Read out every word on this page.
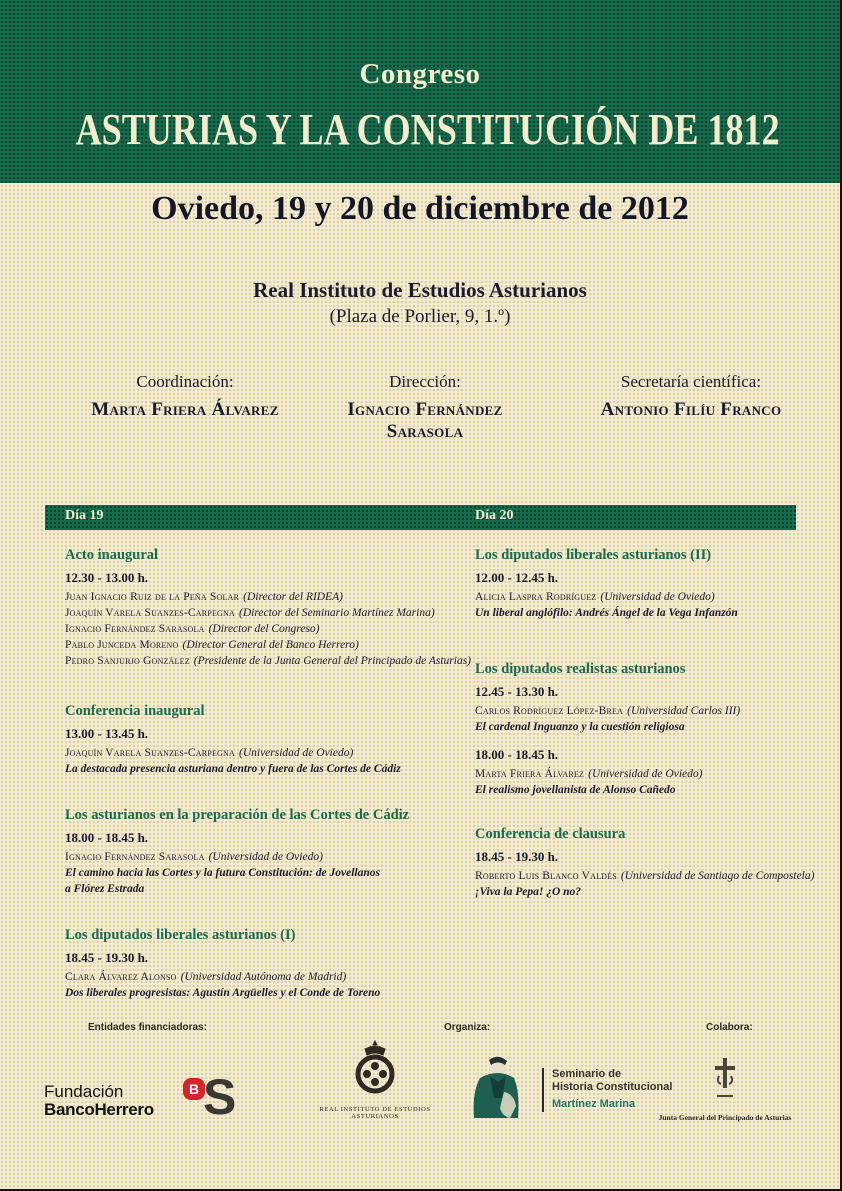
Congreso
ASTURIAS Y LA CONSTITUCIÓN DE 1812
Oviedo, 19 y 20 de diciembre de 2012
Real Instituto de Estudios Asturianos
(Plaza de Porlier, 9, 1.º)
Coordinación:
Marta Friera Álvarez
Dirección:
Ignacio Fernández Sarasola
Secretaría científica:
Antonio Filíu Franco
Día 19	Día 20
Acto inaugural
12.30 - 13.00 h.
Juan Ignacio Ruiz de la Peña Solar (Director del RIDEA)
Joaquín Varela Suanzes-Carpegna (Director del Seminario Martínez Marina)
Ignacio Fernández Sarasola (Director del Congreso)
Pablo Junceda Moreno (Director General del Banco Herrero)
Pedro Sanjurjo González (Presidente de la Junta General del Principado de Asturias)
Conferencia inaugural
13.00 - 13.45 h.
Joaquín Varela Suanzes-Carpegna (Universidad de Oviedo)
La destacada presencia asturiana dentro y fuera de las Cortes de Cádiz
Los asturianos en la preparación de las Cortes de Cádiz
18.00 - 18.45 h.
Ignacio Fernández Sarasola (Universidad de Oviedo)
El camino hacia las Cortes y la futura Constitución: de Jovellanos
a Flórez Estrada
Los diputados liberales asturianos (I)
18.45 - 19.30 h.
Clara Álvarez Alonso (Universidad Autónoma de Madrid)
Dos liberales progresistas: Agustín Argüelles y el Conde de Toreno
Los diputados liberales asturianos (II)
12.00 - 12.45 h.
Alicia Laspra Rodríguez (Universidad de Oviedo)
Un liberal anglófilo: Andrés Ángel de la Vega Infanzón
Los diputados realistas asturianos
12.45 - 13.30 h.
Carlos Rodríguez López-Brea (Universidad Carlos III)
El cardenal Inguanzo y la cuestión religiosa
18.00 - 18.45 h.
Marta Friera Álvarez (Universidad de Oviedo)
El realismo jovellanista de Alonso Cañedo
Conferencia de clausura
18.45 - 19.30 h.
Roberto Luis Blanco Valdés (Universidad de Santiago de Compostela)
¡Viva la Pepa! ¿O no?
Entidades financiadoras:	Organiza:	Colabora:
Fundación
BancoHerrero
B S	REAL INSTITUTO DE ESTUDIOS ASTURIANOS
Seminario de
Historia Constitucional
Martínez Marina
Junta General del Principado de Asturias
